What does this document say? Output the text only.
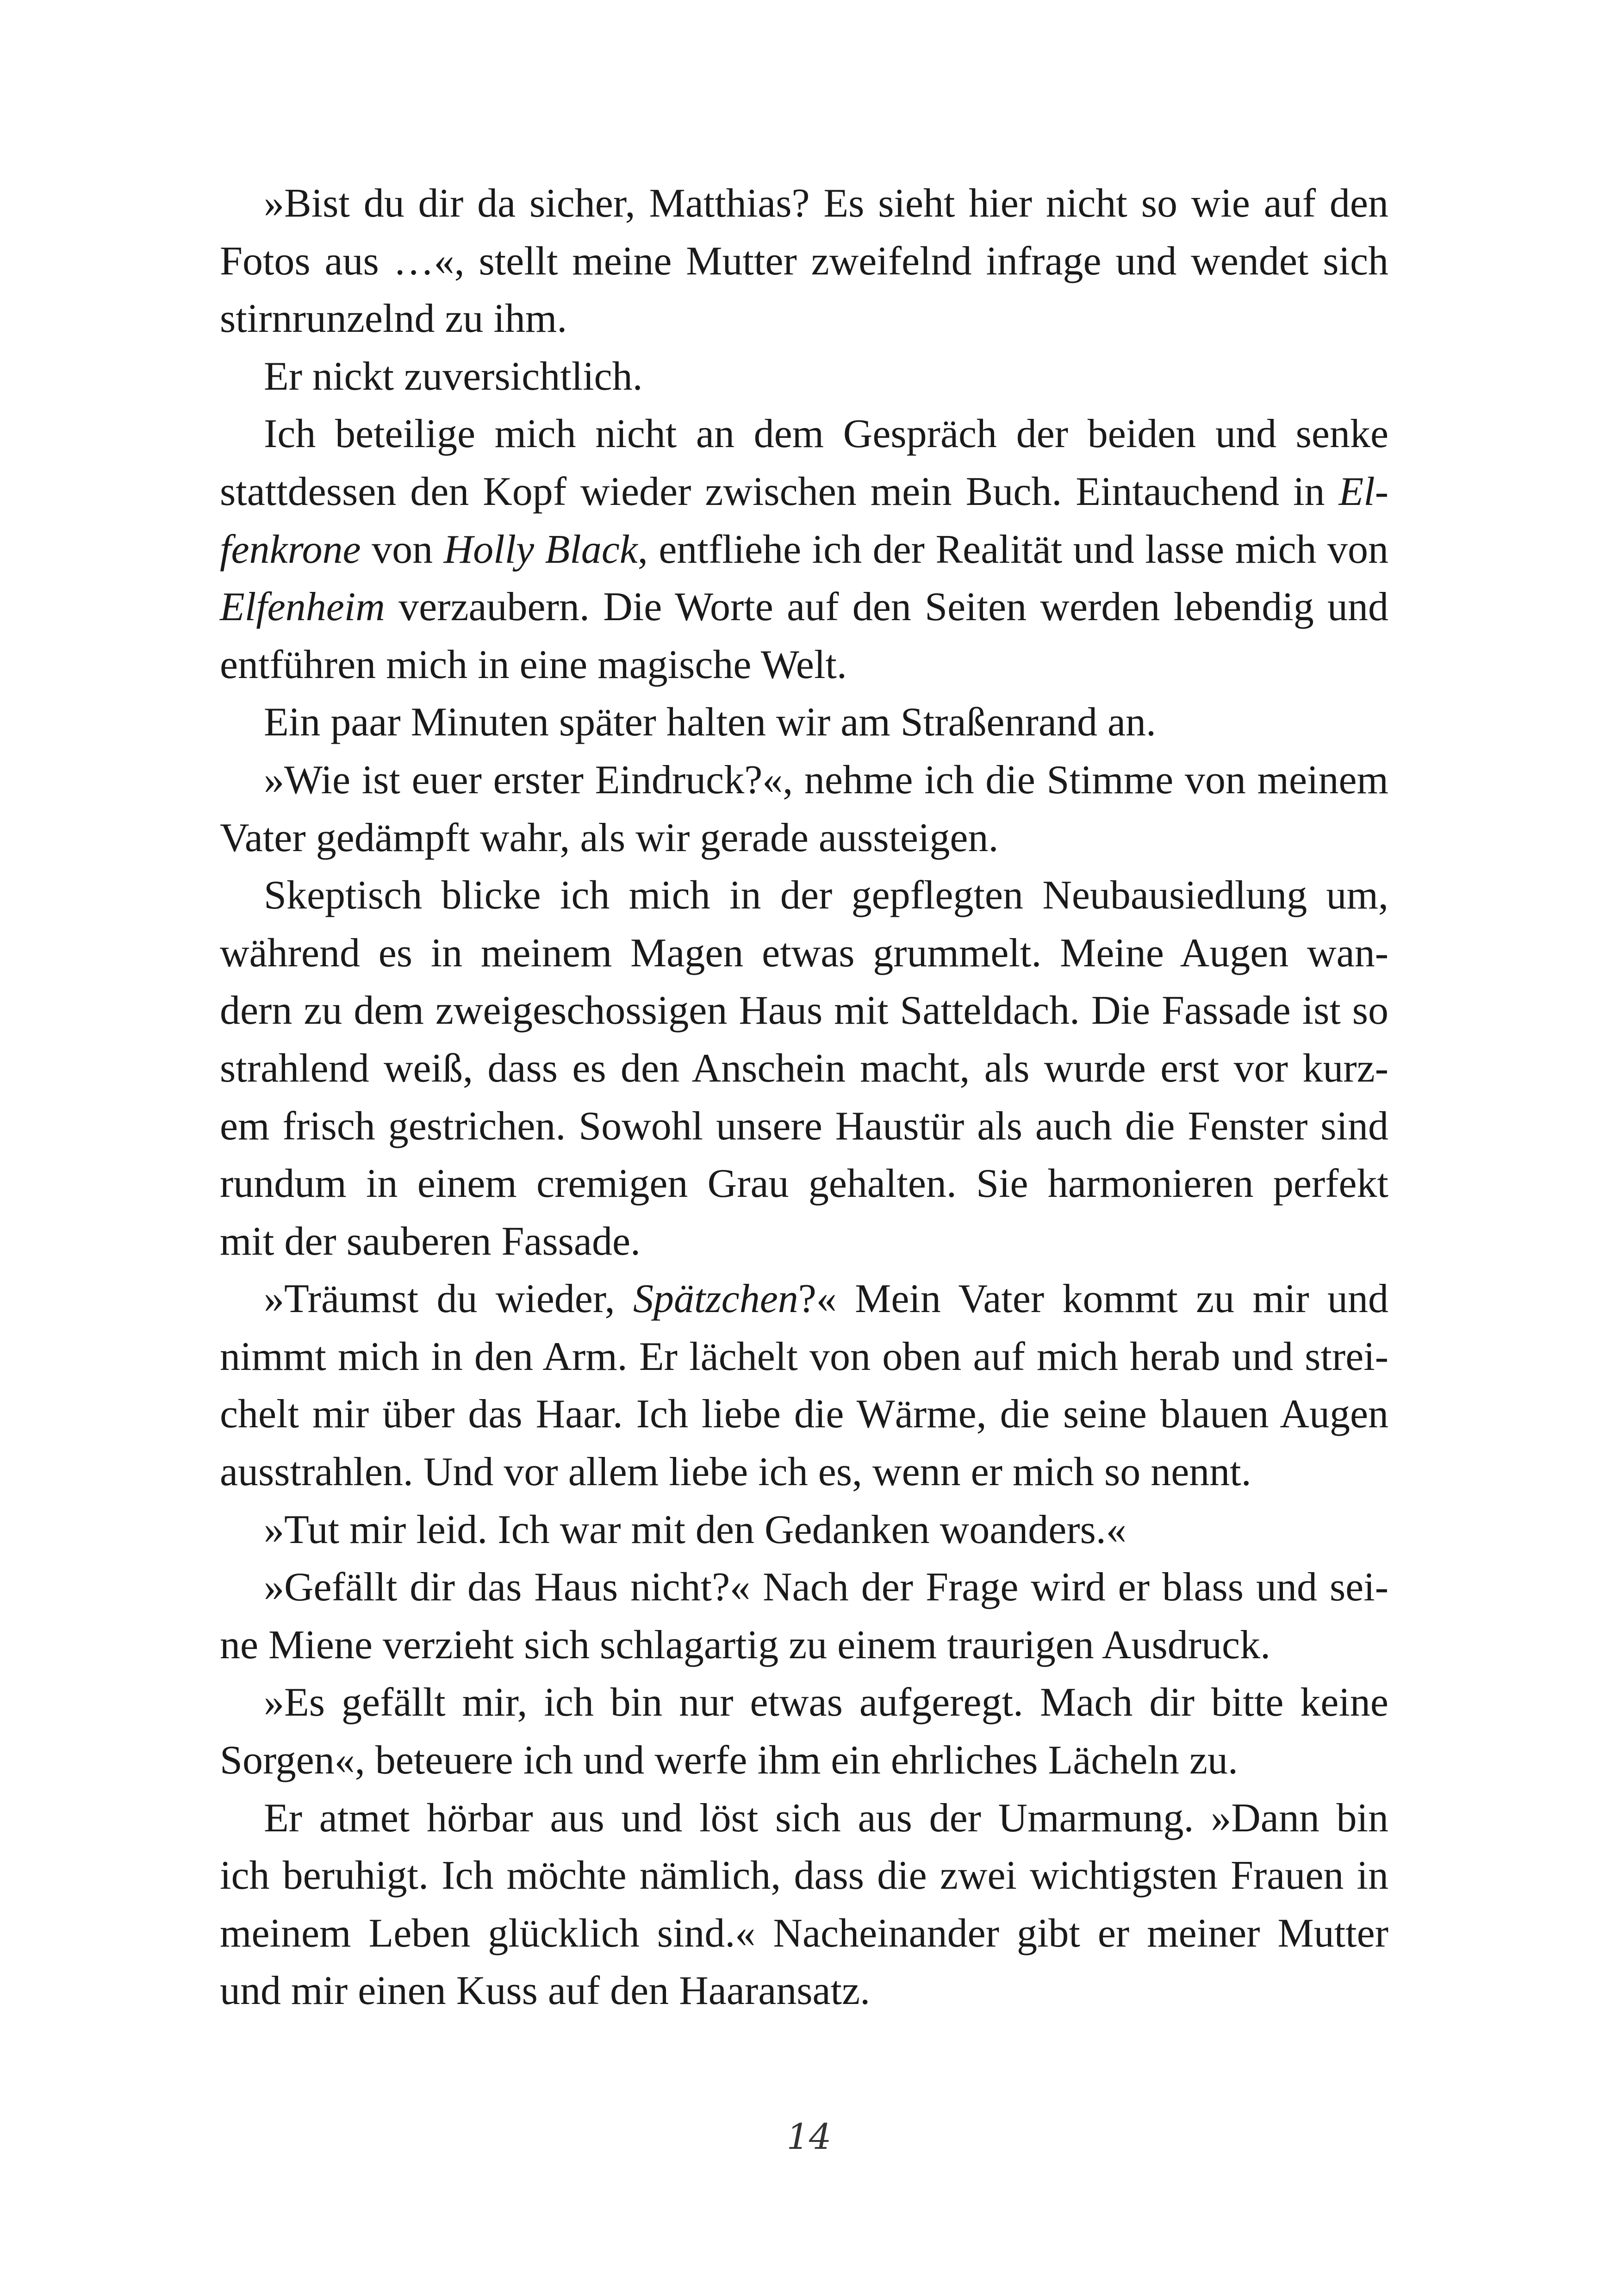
»Bist du dir da sicher, Matthias? Es sieht hier nicht so wie auf den
Fotos aus …«, stellt meine Mutter zweifelnd infrage und wendet sich
stirnrunzelnd zu ihm.
Er nickt zuversichtlich.
Ich beteilige mich nicht an dem Gespräch der beiden und senke
stattdessen den Kopf wieder zwischen mein Buch. Eintauchend in El-
fenkrone von Holly Black, entfliehe ich der Realität und lasse mich von
Elfenheim verzaubern. Die Worte auf den Seiten werden lebendig und
entführen mich in eine magische Welt.
Ein paar Minuten später halten wir am Straßenrand an.
»Wie ist euer erster Eindruck?«, nehme ich die Stimme von meinem
Vater gedämpft wahr, als wir gerade aussteigen.
Skeptisch blicke ich mich in der gepflegten Neubausiedlung um,
während es in meinem Magen etwas grummelt. Meine Augen wan-
dern zu dem zweigeschossigen Haus mit Satteldach. Die Fassade ist so
strahlend weiß, dass es den Anschein macht, als wurde erst vor kurz-
em frisch gestrichen. Sowohl unsere Haustür als auch die Fenster sind
rundum in einem cremigen Grau gehalten. Sie harmonieren perfekt
mit der sauberen Fassade.
»Träumst du wieder, Spätzchen?« Mein Vater kommt zu mir und
nimmt mich in den Arm. Er lächelt von oben auf mich herab und strei-
chelt mir über das Haar. Ich liebe die Wärme, die seine blauen Augen
ausstrahlen. Und vor allem liebe ich es, wenn er mich so nennt.
»Tut mir leid. Ich war mit den Gedanken woanders.«
»Gefällt dir das Haus nicht?« Nach der Frage wird er blass und sei-
ne Miene verzieht sich schlagartig zu einem traurigen Ausdruck.
»Es gefällt mir, ich bin nur etwas aufgeregt. Mach dir bitte keine
Sorgen«, beteuere ich und werfe ihm ein ehrliches Lächeln zu.
Er atmet hörbar aus und löst sich aus der Umarmung. »Dann bin
ich beruhigt. Ich möchte nämlich, dass die zwei wichtigsten Frauen in
meinem Leben glücklich sind.« Nacheinander gibt er meiner Mutter
und mir einen Kuss auf den Haaransatz.
14
